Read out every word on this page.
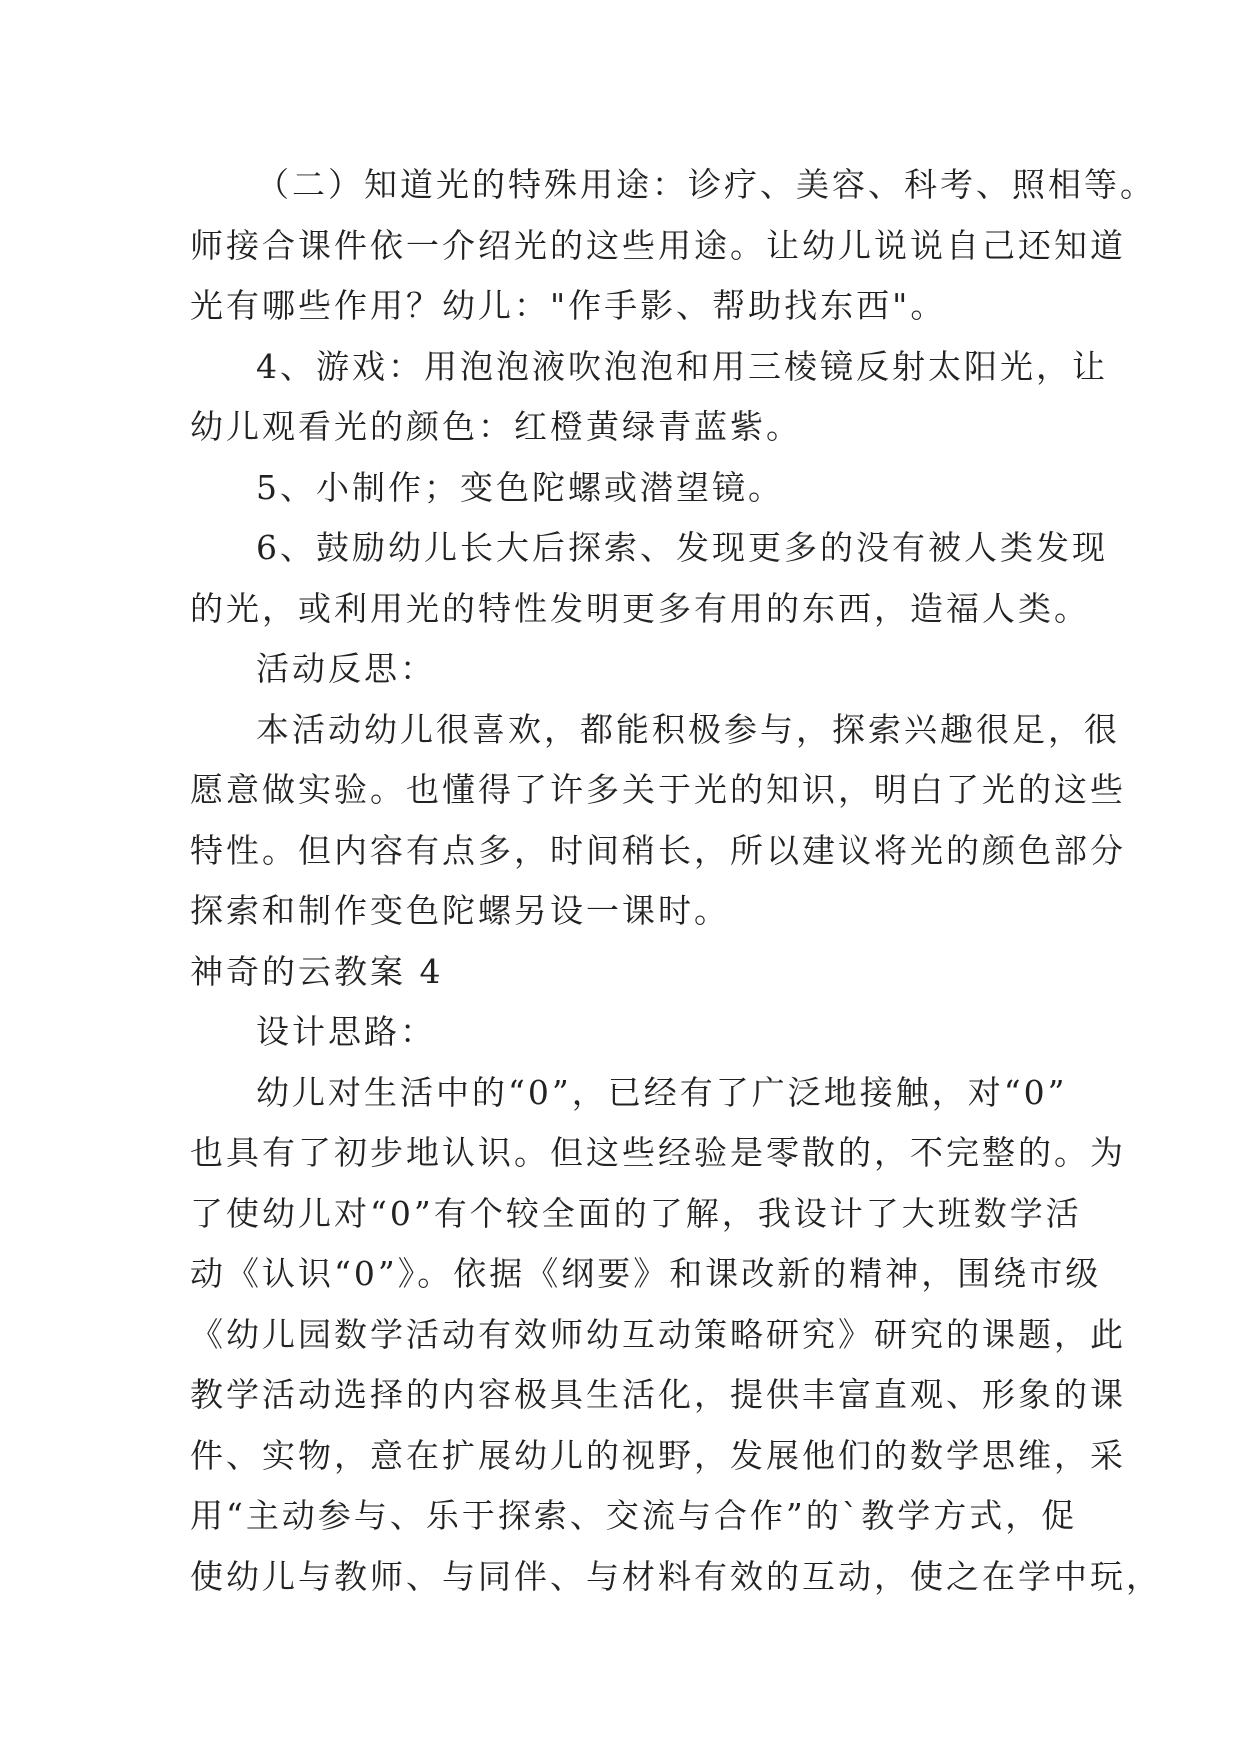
（二）知道光的特殊用途：诊疗、美容、科考、照相等。

师接合课件依一介绍光的这些用途。让幼儿说说自己还知道

光有哪些作用？幼儿："作手影、帮助找东西"。

4、游戏：用泡泡液吹泡泡和用三棱镜反射太阳光，让

幼儿观看光的颜色：红橙黄绿青蓝紫。

5、小制作；变色陀螺或潜望镜。

6、鼓励幼儿长大后探索、发现更多的没有被人类发现

的光，或利用光的特性发明更多有用的东西，造福人类。

活动反思：

本活动幼儿很喜欢，都能积极参与，探索兴趣很足，很

愿意做实验。也懂得了许多关于光的知识，明白了光的这些

特性。但内容有点多，时间稍长，所以建议将光的颜色部分

探索和制作变色陀螺另设一课时。

神奇的云教案 4

设计思路：

幼儿对生活中的“0”，已经有了广泛地接触，对“0”

也具有了初步地认识。但这些经验是零散的，不完整的。为

了使幼儿对“0”有个较全面的了解，我设计了大班数学活

动《认识“0”》。依据《纲要》和课改新的精神，围绕市级

《幼儿园数学活动有效师幼互动策略研究》研究的课题，此

教学活动选择的内容极具生活化，提供丰富直观、形象的课

件、实物，意在扩展幼儿的视野，发展他们的数学思维，采

用“主动参与、乐于探索、交流与合作”的`教学方式，促

使幼儿与教师、与同伴、与材料有效的互动，使之在学中玩，
